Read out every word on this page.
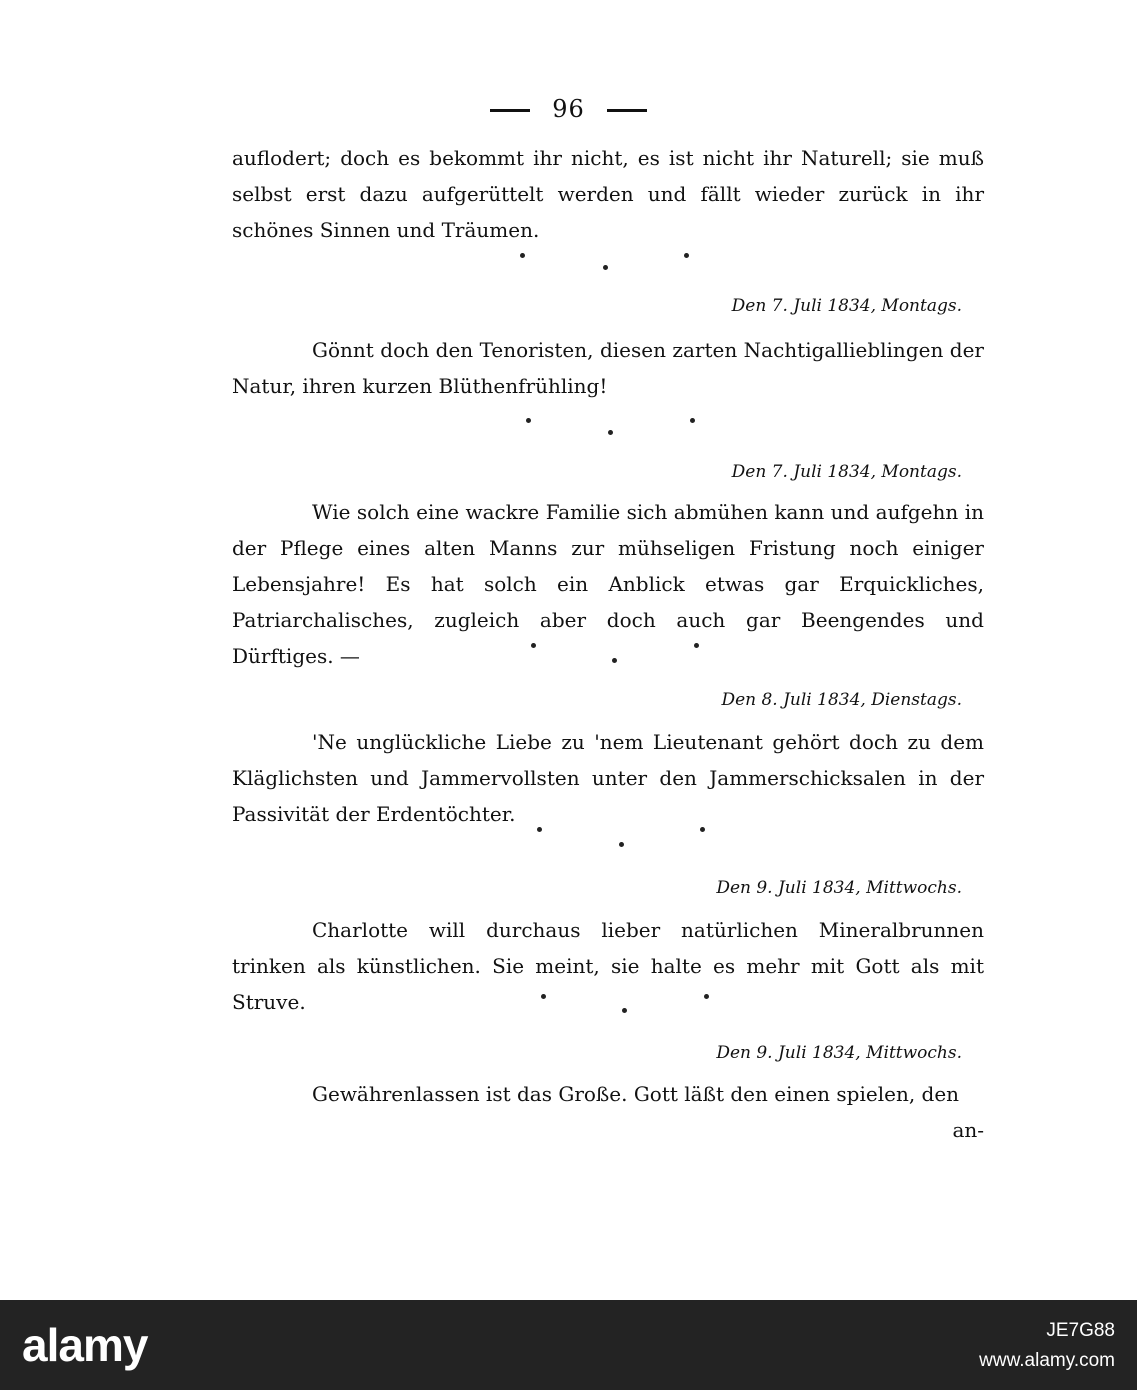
96
auflodert; doch es bekommt ihr nicht, es ist nicht ihr Naturell; sie muß selbst erst dazu aufgerüttelt werden und fällt wieder zurück in ihr schönes Sinnen und Träumen.
Den 7. Juli 1834, Montags.
Gönnt doch den Tenoristen, diesen zarten Nachtigallieblingen der Natur, ihren kurzen Blüthenfrühling!
Den 7. Juli 1834, Montags.
Wie solch eine wackre Familie sich abmühen kann und aufgehn in der Pflege eines alten Manns zur mühseligen Fristung noch einiger Lebensjahre! Es hat solch ein Anblick etwas gar Erquickliches, Patriarchalisches, zugleich aber doch auch gar Beengendes und Dürftiges. —
Den 8. Juli 1834, Dienstags.
'Ne unglückliche Liebe zu 'nem Lieutenant gehört doch zu dem Kläglichsten und Jammervollsten unter den Jammerschicksalen in der Passivität der Erdentöchter.
Den 9. Juli 1834, Mittwochs.
Charlotte will durchaus lieber natürlichen Mineralbrunnen trinken als künstlichen. Sie meint, sie halte es mehr mit Gott als mit Struve.
Den 9. Juli 1834, Mittwochs.
Gewährenlassen ist das Große. Gott läßt den einen spielen, den
an-
alamy	JE7G88
www.alamy.com
